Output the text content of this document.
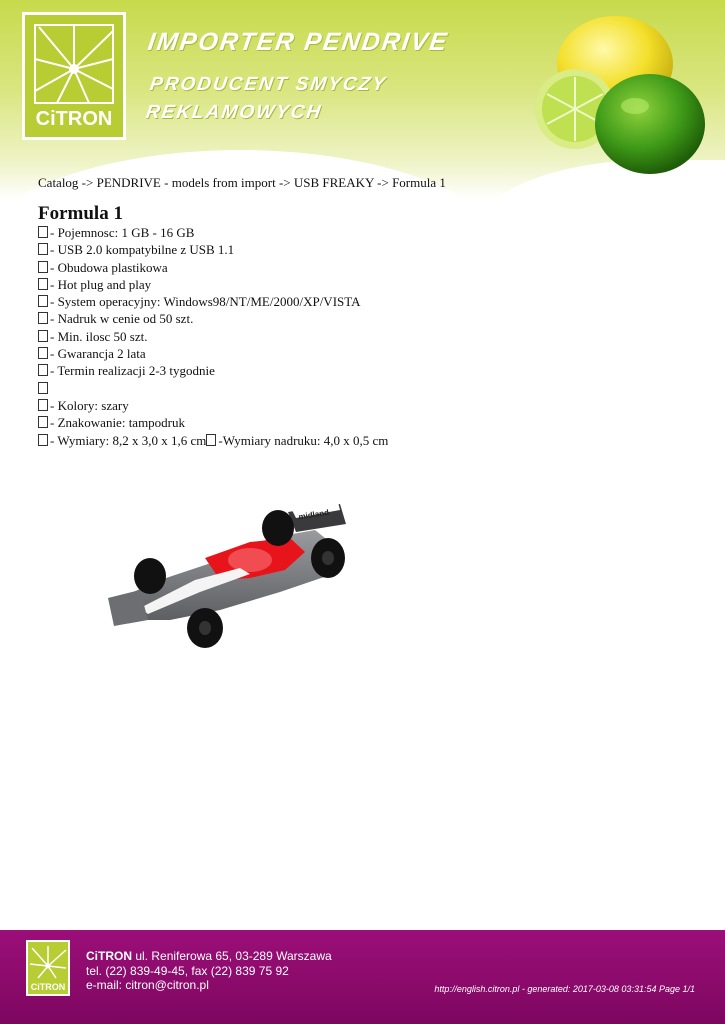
CiTRON
IMPORTER PENDRIVE
PRODUCENT SMYCZY
REKLAMOWYCH
Catalog -> PENDRIVE - models from import -> USB FREAKY -> Formula 1
Formula 1
- Pojemnosc: 1 GB - 16 GB
- USB 2.0 kompatybilne z USB 1.1
- Obudowa plastikowa
- Hot plug and play
- System operacyjny: Windows98/NT/ME/2000/XP/VISTA
- Nadruk w cenie od 50 szt.
- Min. ilosc 50 szt.
- Gwarancja 2 lata
- Termin realizacji 2-3 tygodnie
- Kolory: szary
- Znakowanie: tampodruk
- Wymiary: 8,2 x 3,0 x 1,6 cm -Wymiary nadruku: 4,0 x 0,5 cm
midland
CiTRON
CiTRON ul. Reniferowa 65, 03-289 Warszawa
tel. (22) 839-49-45, fax (22) 839 75 92
e-mail: citron@citron.pl	http://english.citron.pl - generated: 2017-03-08 03:31:54 Page 1/1
